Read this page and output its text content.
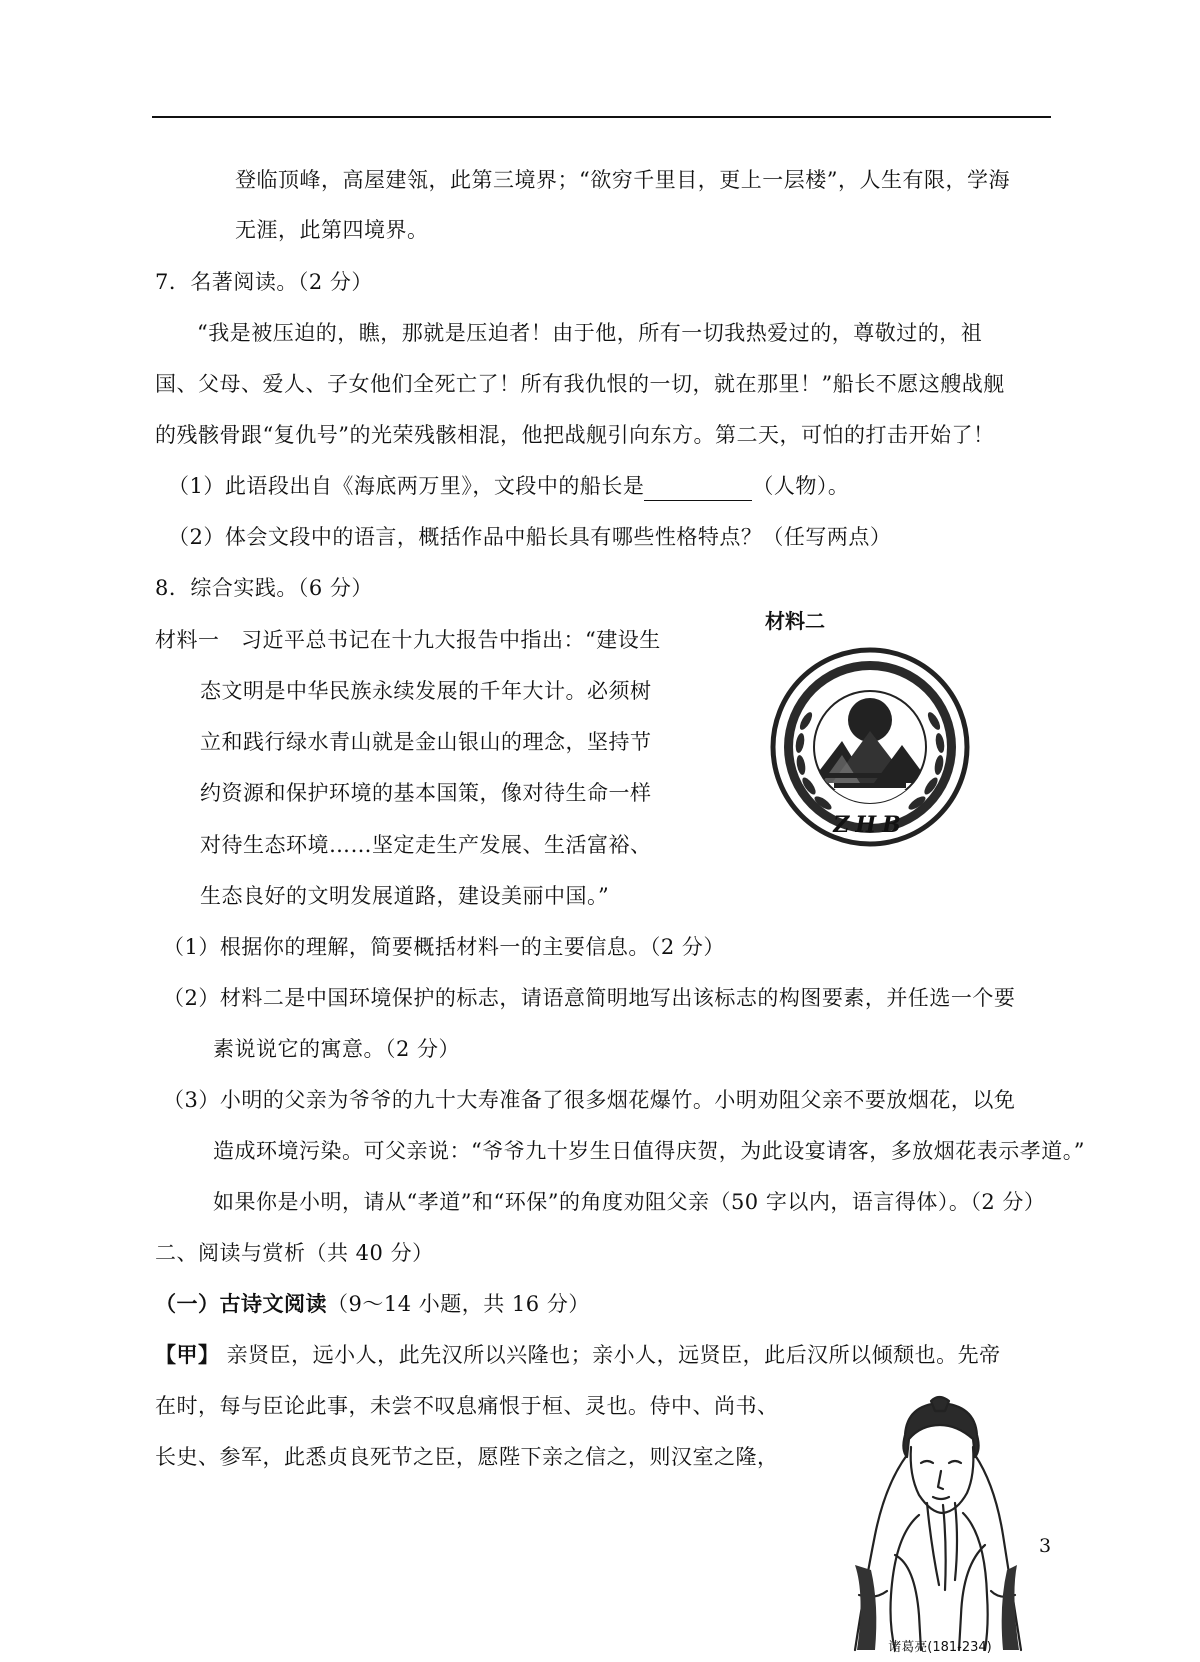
登临顶峰，高屋建瓴，此第三境界；“欲穷千里目，更上一层楼”，人生有限，学海
无涯，此第四境界。
7．名著阅读。（2 分）
“我是被压迫的，瞧，那就是压迫者！由于他，所有一切我热爱过的，尊敬过的，祖
国、父母、爱人、子女他们全死亡了！所有我仇恨的一切，就在那里！”船长不愿这艘战舰
的残骸骨跟“复仇号”的光荣残骸相混，他把战舰引向东方。第二天，可怕的打击开始了！
（1）此语段出自《海底两万里》，文段中的船长是	（人物）。
（2）体会文段中的语言，概括作品中船长具有哪些性格特点？（任写两点）
8．综合实践。（6 分）
材料一　习近平总书记在十九大报告中指出：“建设生
态文明是中华民族永续发展的千年大计。必须树
立和践行绿水青山就是金山银山的理念，坚持节
约资源和保护环境的基本国策，像对待生命一样
对待生态环境……坚定走生产发展、生活富裕、
生态良好的文明发展道路，建设美丽中国。”
材料二
ZHB
（1）根据你的理解，简要概括材料一的主要信息。（2 分）
（2）材料二是中国环境保护的标志，请语意简明地写出该标志的构图要素，并任选一个要
素说说它的寓意。（2 分）
（3）小明的父亲为爷爷的九十大寿准备了很多烟花爆竹。小明劝阻父亲不要放烟花，以免
造成环境污染。可父亲说：“爷爷九十岁生日值得庆贺，为此设宴请客，多放烟花表示孝道。”
如果你是小明，请从“孝道”和“环保”的角度劝阻父亲（50 字以内，语言得体）。（2 分）
二、阅读与赏析（共 40 分）
（一）古诗文阅读（9～14 小题，共 16 分）
【甲】 亲贤臣，远小人，此先汉所以兴隆也；亲小人，远贤臣，此后汉所以倾颓也。先帝
在时，每与臣论此事，未尝不叹息痛恨于桓、灵也。侍中、尚书、
长史、参军，此悉贞良死节之臣，愿陛下亲之信之，则汉室之隆，
诸葛亮(181-234)
3
